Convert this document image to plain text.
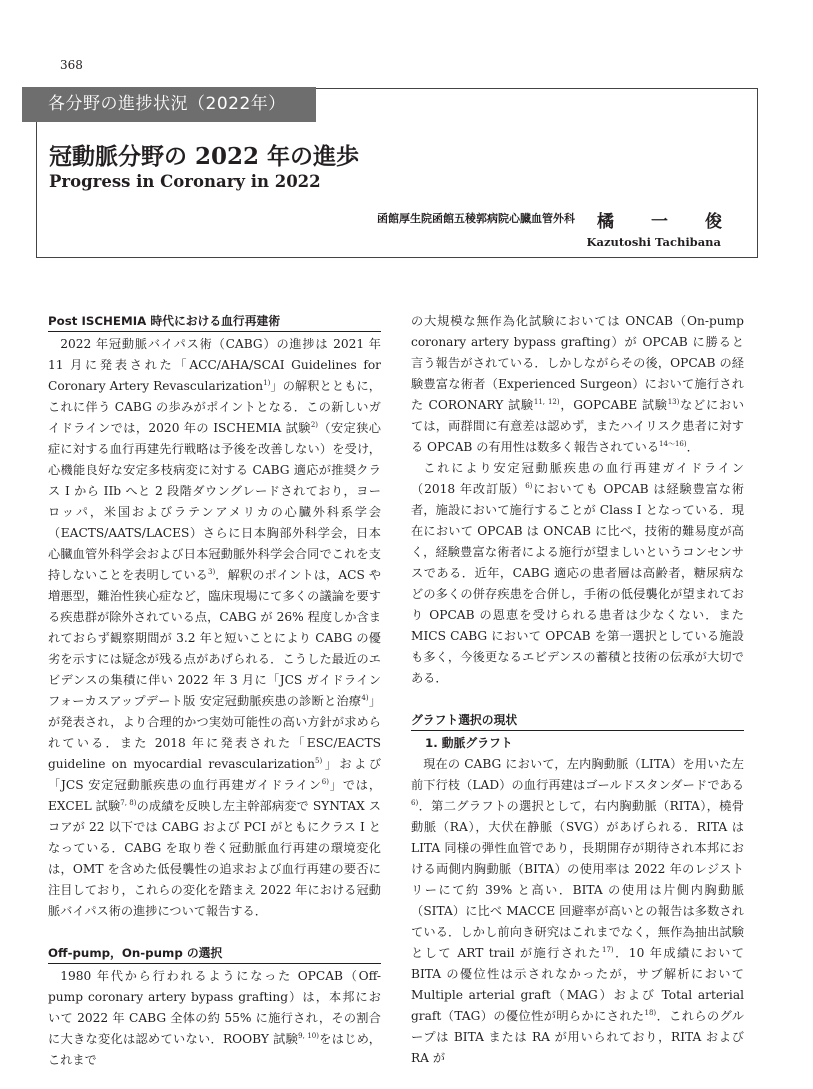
368
各分野の進捗状況（2022年）
冠動脈分野の 2022 年の進歩
Progress in Coronary in 2022
函館厚生院函館五稜郭病院心臓血管外科 橘 一 俊
Kazutoshi Tachibana
Post ISCHEMIA 時代における血行再建術

2022 年冠動脈バイパス術（CABG）の進捗は 2021 年 11 月に発表された「ACC/AHA/SCAI Guidelines for Coronary Artery Revascularization$^{1)}$」の解釈とともに，これに伴う CABG の歩みがポイントとなる．この新しいガイドラインでは，2020 年の ISCHEMIA 試験$^{2)}$（安定狭心症に対する血行再建先行戦略は予後を改善しない）を受け，心機能良好な安定多枝病変に対する CABG 適応が推奨クラス I から IIb へと 2 段階ダウングレードされており，ヨーロッパ，米国およびラテンアメリカの心臓外科系学会（EACTS/AATS/LACES）さらに日本胸部外科学会，日本心臓血管外科学会および日本冠動脈外科学会合同でこれを支持しないことを表明している$^{3)}$．解釈のポイントは，ACS や増悪型，難治性狭心症など，臨床現場にて多くの議論を要する疾患群が除外されている点，CABG が 26% 程度しか含まれておらず観察期間が 3.2 年と短いことにより CABG の優劣を示すには疑念が残る点があげられる．こうした最近のエビデンスの集積に伴い 2022 年 3 月に「JCS ガイドライン フォーカスアップデート版 安定冠動脈疾患の診断と治療$^{4)}$」が発表され，より合理的かつ実効可能性の高い方針が求められている．また 2018 年に発表された「ESC/EACTS guideline on myocardial revascularization$^{5)}$」および「JCS 安定冠動脈疾患の血行再建ガイドライン$^{6)}$」では，EXCEL 試験$^{7, 8)}$の成績を反映し左主幹部病変で SYNTAX スコアが 22 以下では CABG および PCI がともにクラス I となっている．CABG を取り巻く冠動脈血行再建の環境変化は，OMT を含めた低侵襲性の追求および血行再建の要否に注目しており，これらの変化を踏まえ 2022 年における冠動脈バイパス術の進捗について報告する．

Off-pump，On-pump の選択

1980 年代から行われるようになった OPCAB（Off-pump coronary artery bypass grafting）は，本邦において 2022 年 CABG 全体の約 55% に施行され，その割合に大きな変化は認めていない．ROOBY 試験$^{9, 10)}$をはじめ，これまで

の大規模な無作為化試験においては ONCAB（On-pump coronary artery bypass grafting）が OPCAB に勝ると言う報告がされている．しかしながらその後，OPCAB の経験豊富な術者（Experienced Surgeon）において施行された CORONARY 試験$^{11, 12)}$，GOPCABE 試験$^{13)}$などにおいては，両群間に有意差は認めず，またハイリスク患者に対する OPCAB の有用性は数多く報告されている$^{14\sim 16)}$．

これにより安定冠動脈疾患の血行再建ガイドライン（2018 年改訂版）$^{6)}$においても OPCAB は経験豊富な術者，施設において施行することが Class I となっている．現在において OPCAB は ONCAB に比べ，技術的難易度が高く，経験豊富な術者による施行が望ましいというコンセンサスである．近年，CABG 適応の患者層は高齢者，糖尿病などの多くの併存疾患を合併し，手術の低侵襲化が望まれており OPCAB の恩恵を受けられる患者は少なくない．また MICS CABG において OPCAB を第一選択としている施設も多く，今後更なるエビデンスの蓄積と技術の伝承が大切である．

グラフト選択の現状
1. 動脈グラフト

現在の CABG において，左内胸動脈（LITA）を用いた左前下行枝（LAD）の血行再建はゴールドスタンダードである$^{6)}$．第二グラフトの選択として，右内胸動脈（RITA），橈骨動脈（RA），大伏在静脈（SVG）があげられる．RITA は LITA 同様の弾性血管であり，長期開存が期待され本邦における両側内胸動脈（BITA）の使用率は 2022 年のレジストリーにて約 39% と高い．BITA の使用は片側内胸動脈（SITA）に比べ MACCE 回避率が高いとの報告は多数されている．しかし前向き研究はこれまでなく，無作為抽出試験として ART trail が施行された$^{17)}$．10 年成績において BITA の優位性は示されなかったが，サブ解析において Multiple arterial graft（MAG）および Total arterial graft（TAG）の優位性が明らかにされた$^{18)}$．これらのグループは BITA または RA が用いられており，RITA および RA が
